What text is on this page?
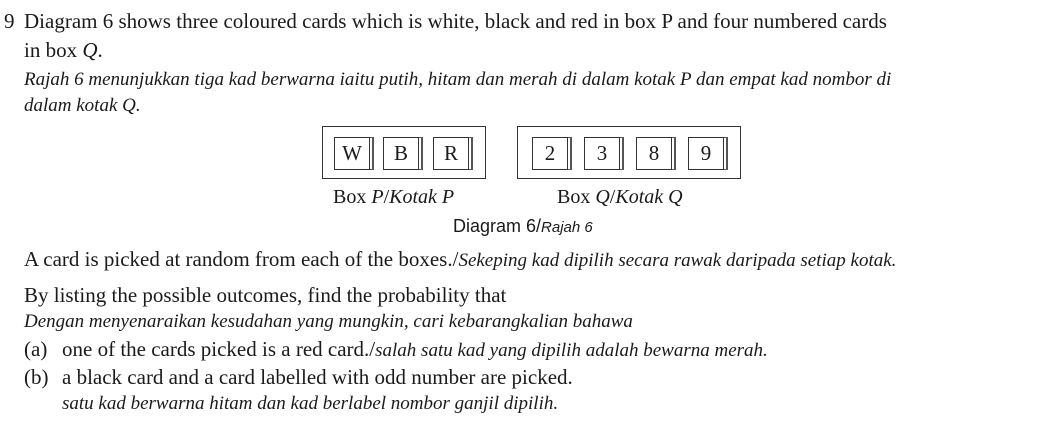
9 Diagram 6 shows three coloured cards which is white, black and red in box P and four numbered cards
in box Q.
Rajah 6 menunjukkan tiga kad berwarna iaitu putih, hitam dan merah di dalam kotak P dan empat kad nombor di
dalam kotak Q.
W	B	R
Box P/Kotak P
2	3	8	9
Box Q/Kotak Q
Diagram 6/Rajah 6
A card is picked at random from each of the boxes./Sekeping kad dipilih secara rawak daripada setiap kotak.
By listing the possible outcomes, find the probability that
Dengan menyenaraikan kesudahan yang mungkin, cari kebarangkalian bahawa
(a) one of the cards picked is a red card./salah satu kad yang dipilih adalah bewarna merah.
(b) a black card and a card labelled with odd number are picked.
satu kad berwarna hitam dan kad berlabel nombor ganjil dipilih.
